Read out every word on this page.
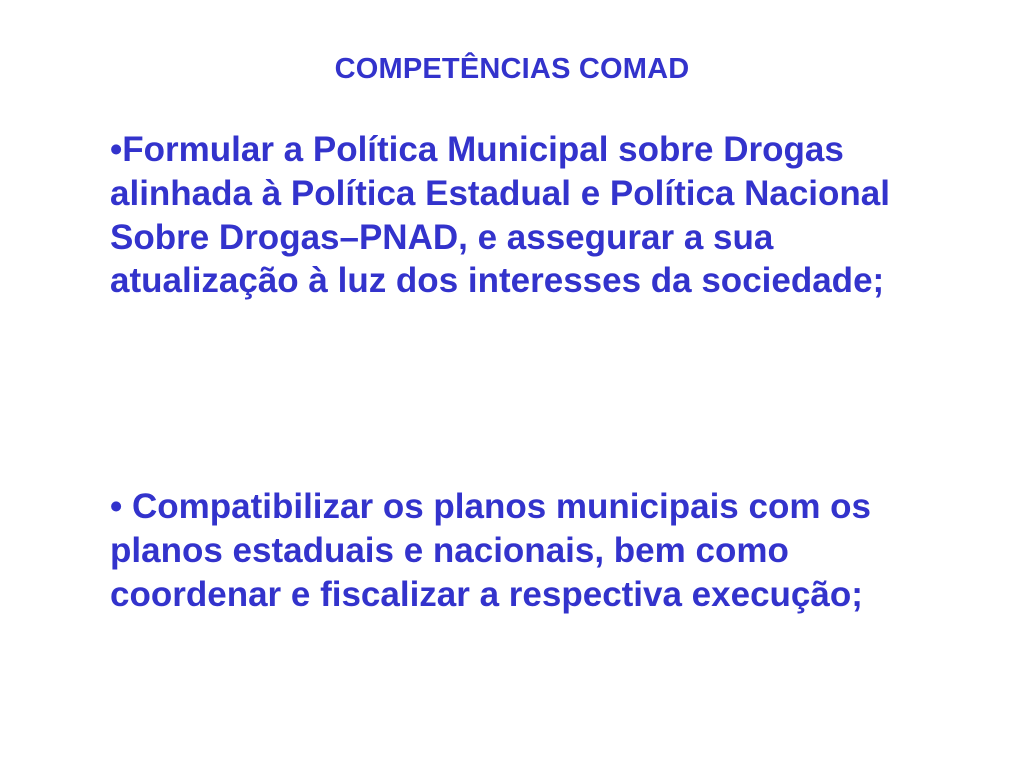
COMPETÊNCIAS COMAD
•Formular a Política Municipal sobre Drogas alinhada à Política Estadual e Política Nacional Sobre Drogas–PNAD, e assegurar a sua atualização à luz dos interesses da sociedade;
• Compatibilizar os planos municipais com os planos estaduais e nacionais, bem como coordenar e fiscalizar a respectiva execução;
